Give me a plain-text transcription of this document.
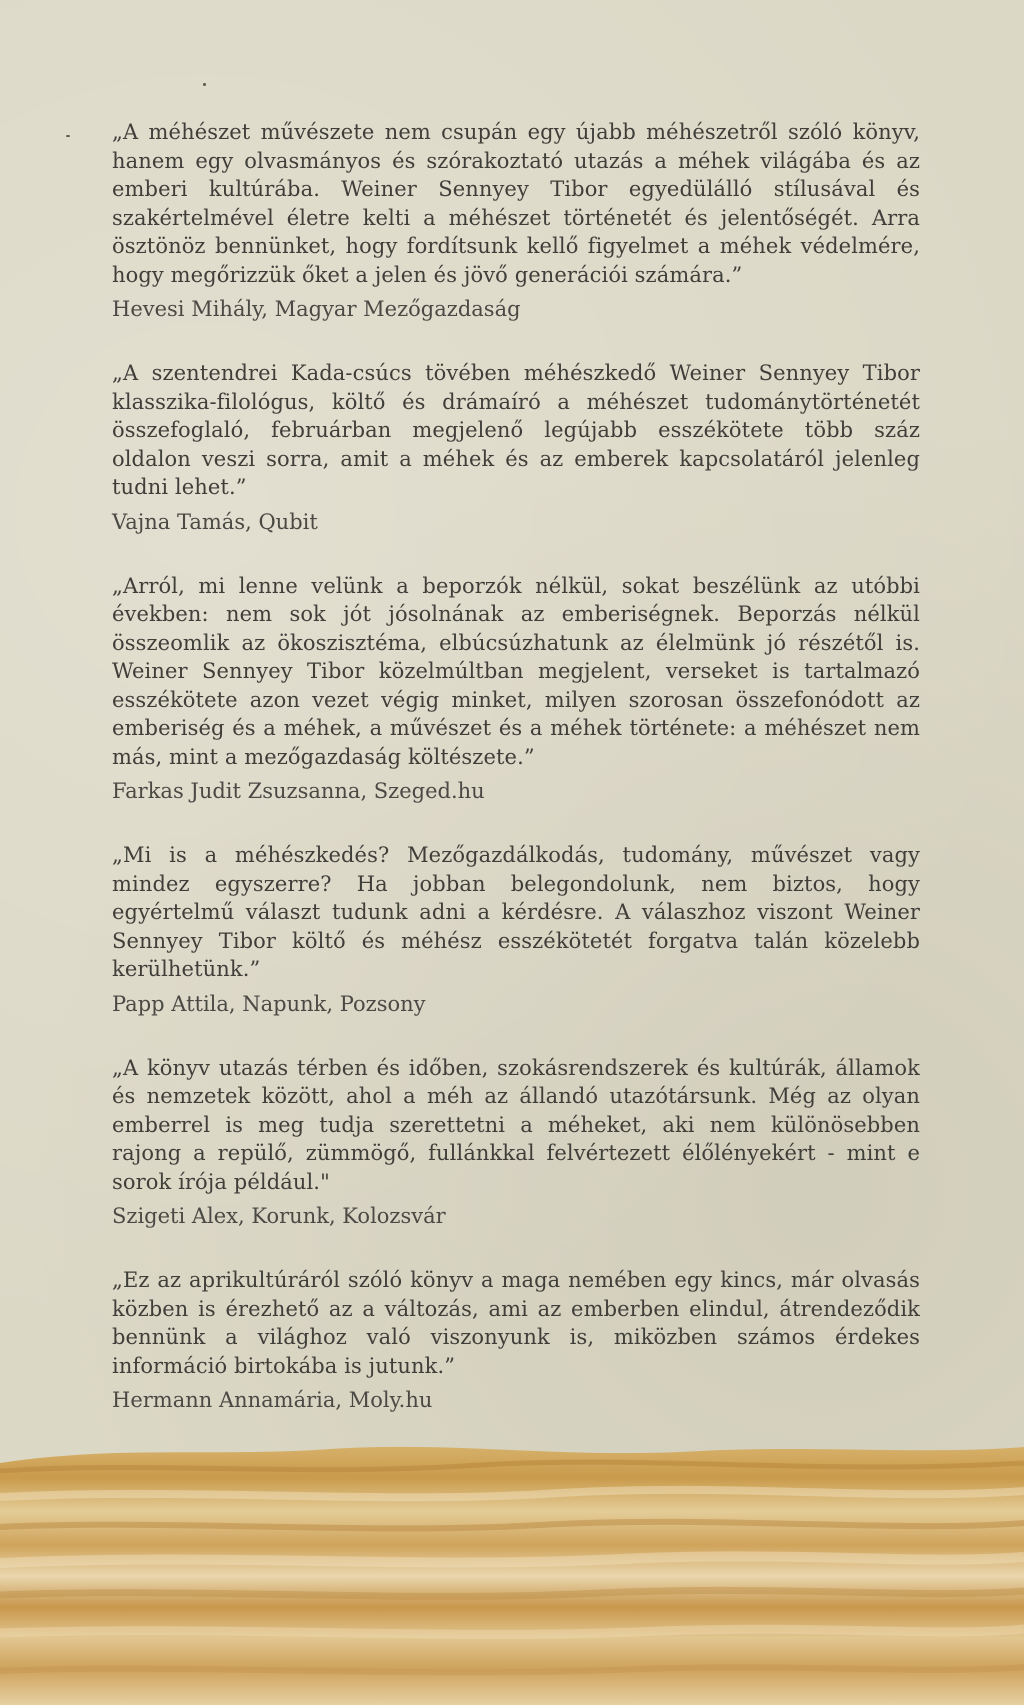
„A méhészet művészete nem csupán egy újabb méhészetről szóló könyv, hanem egy olvasmányos és szórakoztató utazás a méhek világába és az emberi kultúrába. Weiner Sennyey Tibor egyedülálló stílusával és szakértelmével életre kelti a méhészet történetét és jelentőségét. Arra ösztönöz bennünket, hogy fordítsunk kellő figyelmet a méhek védelmére, hogy megőrizzük őket a jelen és jövő generációi számára.”

Hevesi Mihály, Magyar Mezőgazdaság

„A szentendrei Kada-csúcs tövében méhészkedő Weiner Sennyey Tibor klasszika-filológus, költő és drámaíró a méhészet tudománytörténetét összefoglaló, februárban megjelenő legújabb esszékötete több száz oldalon veszi sorra, amit a méhek és az emberek kapcsolatáról jelenleg tudni lehet.”

Vajna Tamás, Qubit

„Arról, mi lenne velünk a beporzók nélkül, sokat beszélünk az utóbbi években: nem sok jót jósolnának az emberiségnek. Beporzás nélkül összeomlik az ökoszisztéma, elbúcsúzhatunk az élelmünk jó részétől is. Weiner Sennyey Tibor közelmúltban megjelent, verseket is tartalmazó esszékötete azon vezet végig minket, milyen szorosan összefonódott az emberiség és a méhek, a művészet és a méhek története: a méhészet nem más, mint a mezőgazdaság költészete.”

Farkas Judit Zsuzsanna, Szeged.hu

„Mi is a méhészkedés? Mezőgazdálkodás, tudomány, művészet vagy mindez egyszerre? Ha jobban belegondolunk, nem biztos, hogy egyértelmű választ tudunk adni a kérdésre. A válaszhoz viszont Weiner Sennyey Tibor költő és méhész esszékötetét forgatva talán közelebb kerülhetünk.”

Papp Attila, Napunk, Pozsony

„A könyv utazás térben és időben, szokásrendszerek és kultúrák, államok és nemzetek között, ahol a méh az állandó utazótársunk. Még az olyan emberrel is meg tudja szerettetni a méheket, aki nem különösebben rajong a repülő, zümmögő, fullánkkal felvértezett élőlényekért - mint e sorok írója például."

Szigeti Alex, Korunk, Kolozsvár

„Ez az aprikultúráról szóló könyv a maga nemében egy kincs, már olvasás közben is érezhető az a változás, ami az emberben elindul, átrendeződik bennünk a világhoz való viszonyunk is, miközben számos érdekes információ birtokába is jutunk.”

Hermann Annamária, Moly.hu
